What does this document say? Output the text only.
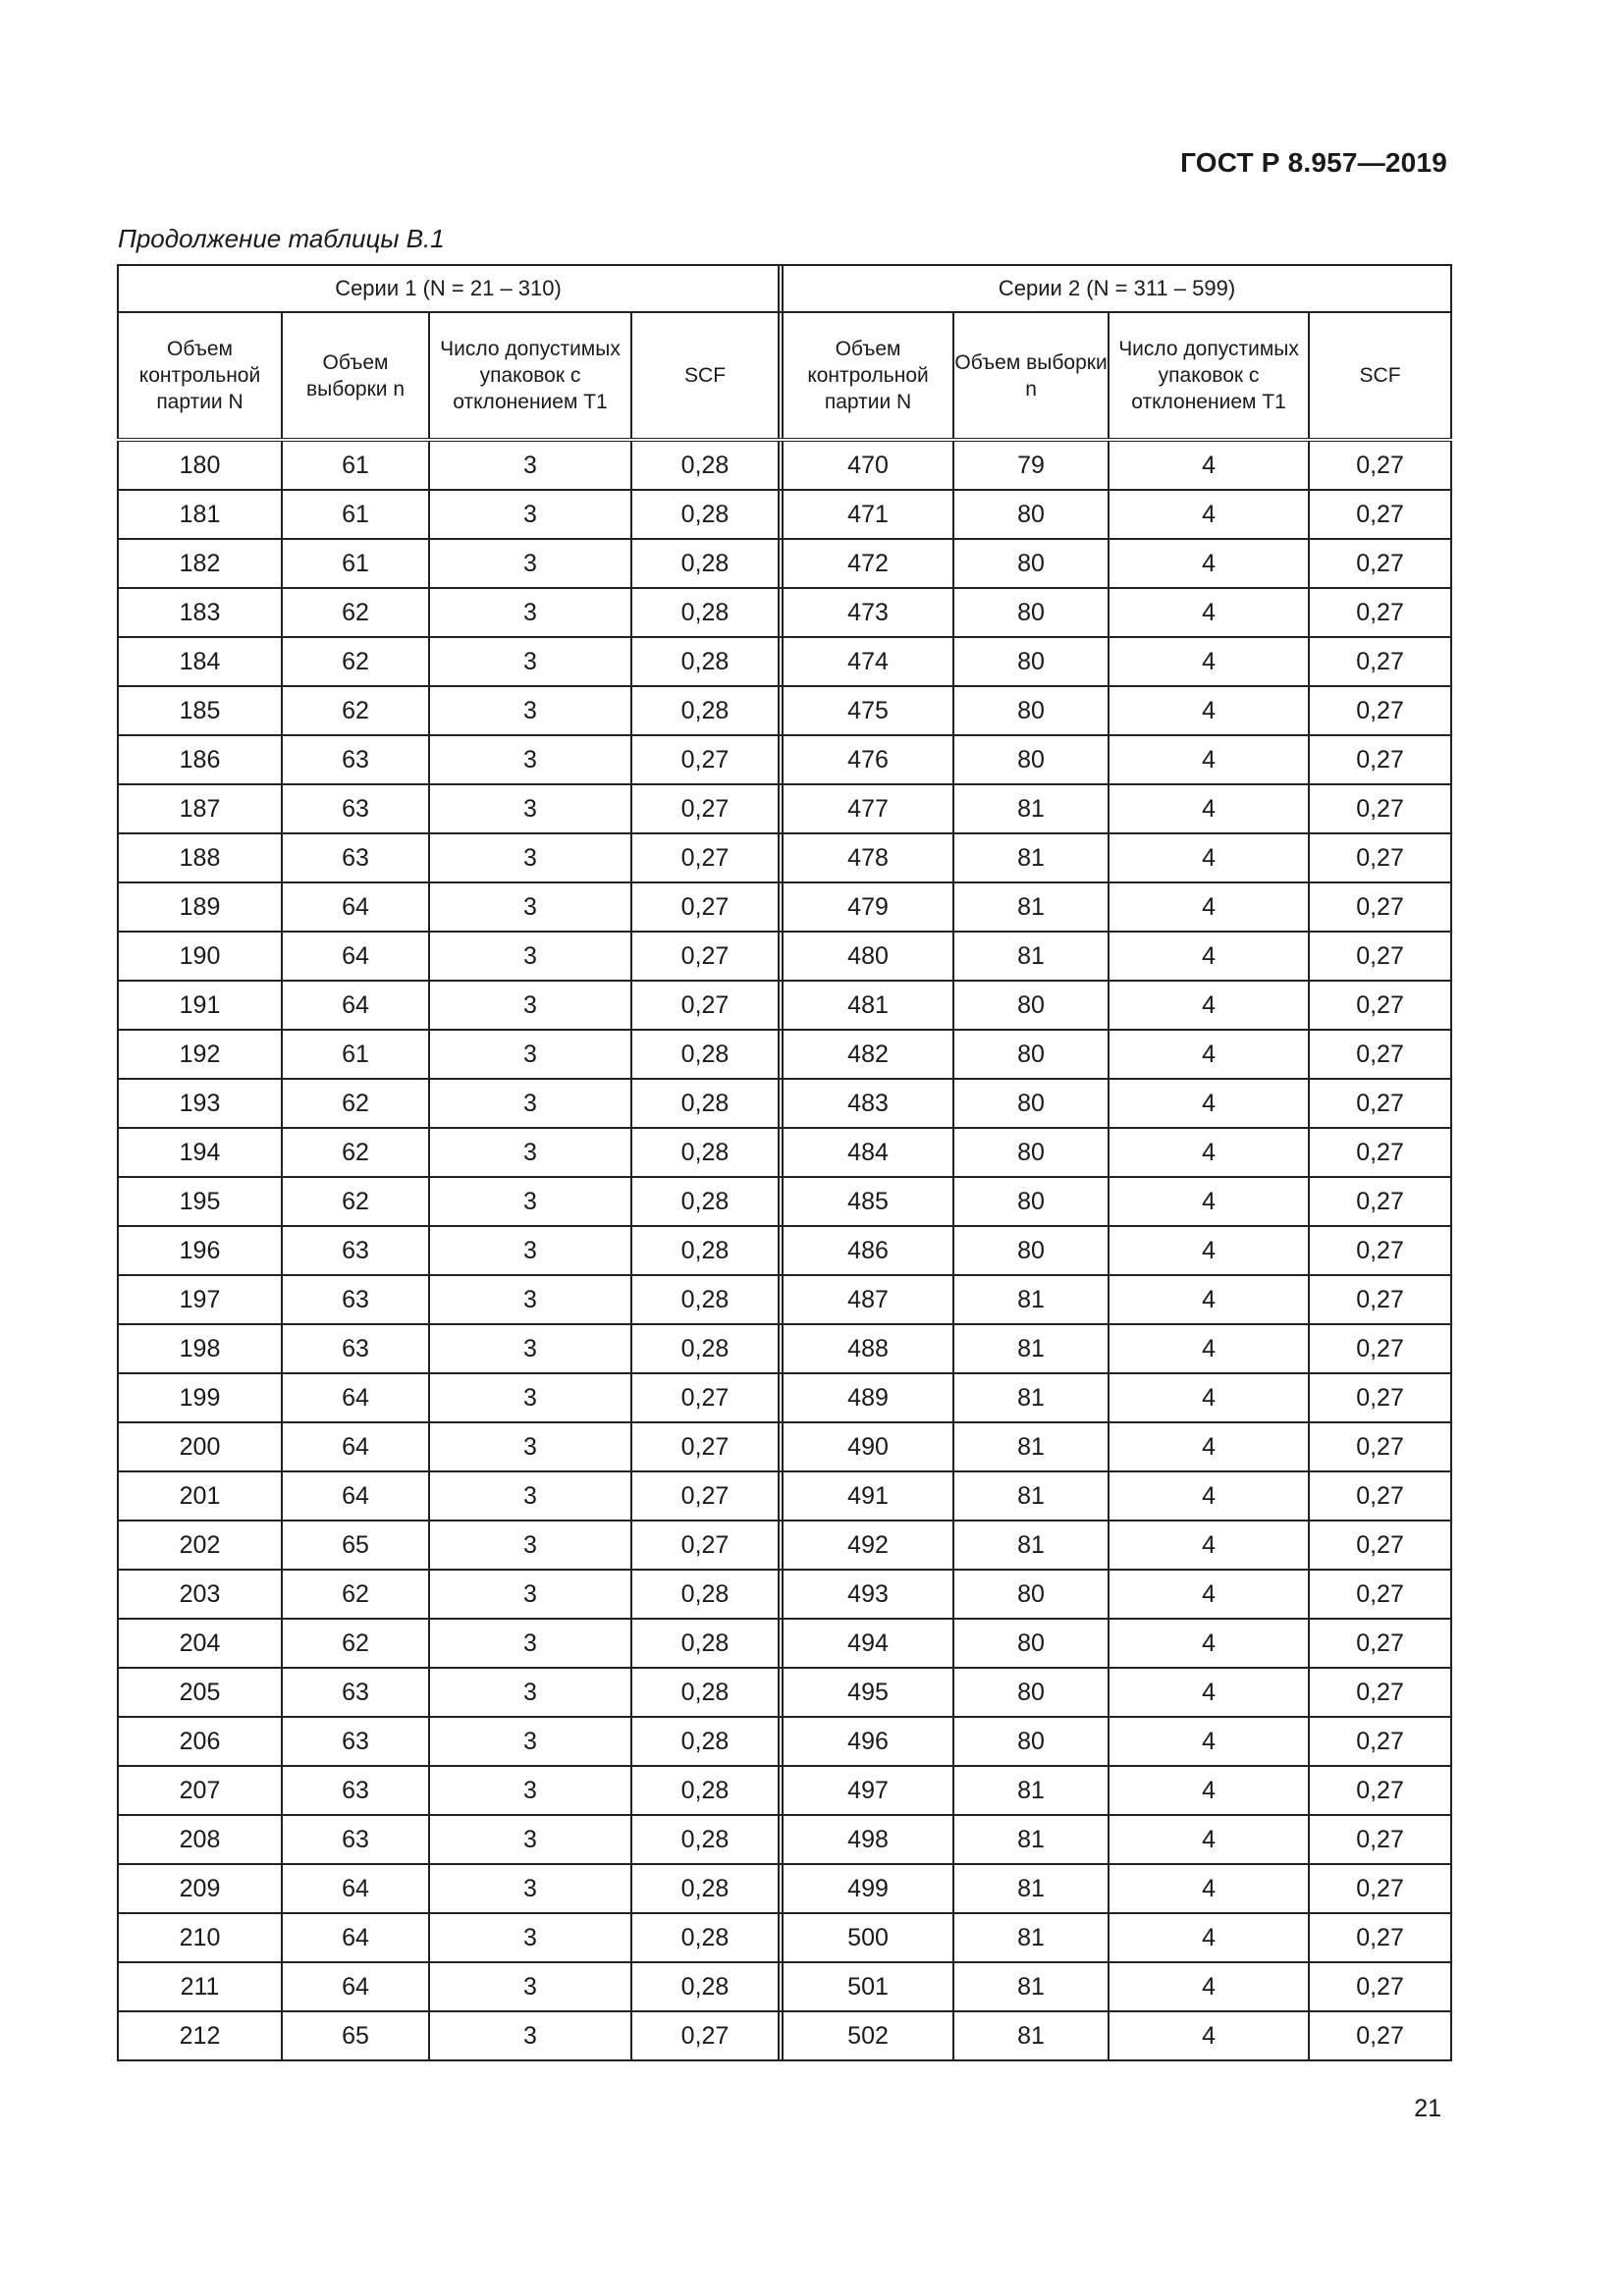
ГОСТ Р 8.957—2019
Продолжение таблицы В.1
Серии 1 (N = 21 – 310)					Серии 2 (N = 311 – 599)			
Объем контрольной партии N	Объем выборки n	Число допустимых упаковок с отклонением T1	SCF		Объем контрольной партии N	Объем выборки n	Число допустимых упаковок с отклонением T1	SCF
180	61	3	0,28		470	79	4	0,27
181	61	3	0,28		471	80	4	0,27
182	61	3	0,28		472	80	4	0,27
183	62	3	0,28		473	80	4	0,27
184	62	3	0,28		474	80	4	0,27
185	62	3	0,28		475	80	4	0,27
186	63	3	0,27		476	80	4	0,27
187	63	3	0,27		477	81	4	0,27
188	63	3	0,27		478	81	4	0,27
189	64	3	0,27		479	81	4	0,27
190	64	3	0,27		480	81	4	0,27
191	64	3	0,27		481	80	4	0,27
192	61	3	0,28		482	80	4	0,27
193	62	3	0,28		483	80	4	0,27
194	62	3	0,28		484	80	4	0,27
195	62	3	0,28		485	80	4	0,27
196	63	3	0,28		486	80	4	0,27
197	63	3	0,28		487	81	4	0,27
198	63	3	0,28		488	81	4	0,27
199	64	3	0,27		489	81	4	0,27
200	64	3	0,27		490	81	4	0,27
201	64	3	0,27		491	81	4	0,27
202	65	3	0,27		492	81	4	0,27
203	62	3	0,28		493	80	4	0,27
204	62	3	0,28		494	80	4	0,27
205	63	3	0,28		495	80	4	0,27
206	63	3	0,28		496	80	4	0,27
207	63	3	0,28		497	81	4	0,27
208	63	3	0,28		498	81	4	0,27
209	64	3	0,28		499	81	4	0,27
210	64	3	0,28		500	81	4	0,27
211	64	3	0,28		501	81	4	0,27
212	65	3	0,27		502	81	4	0,27
21
